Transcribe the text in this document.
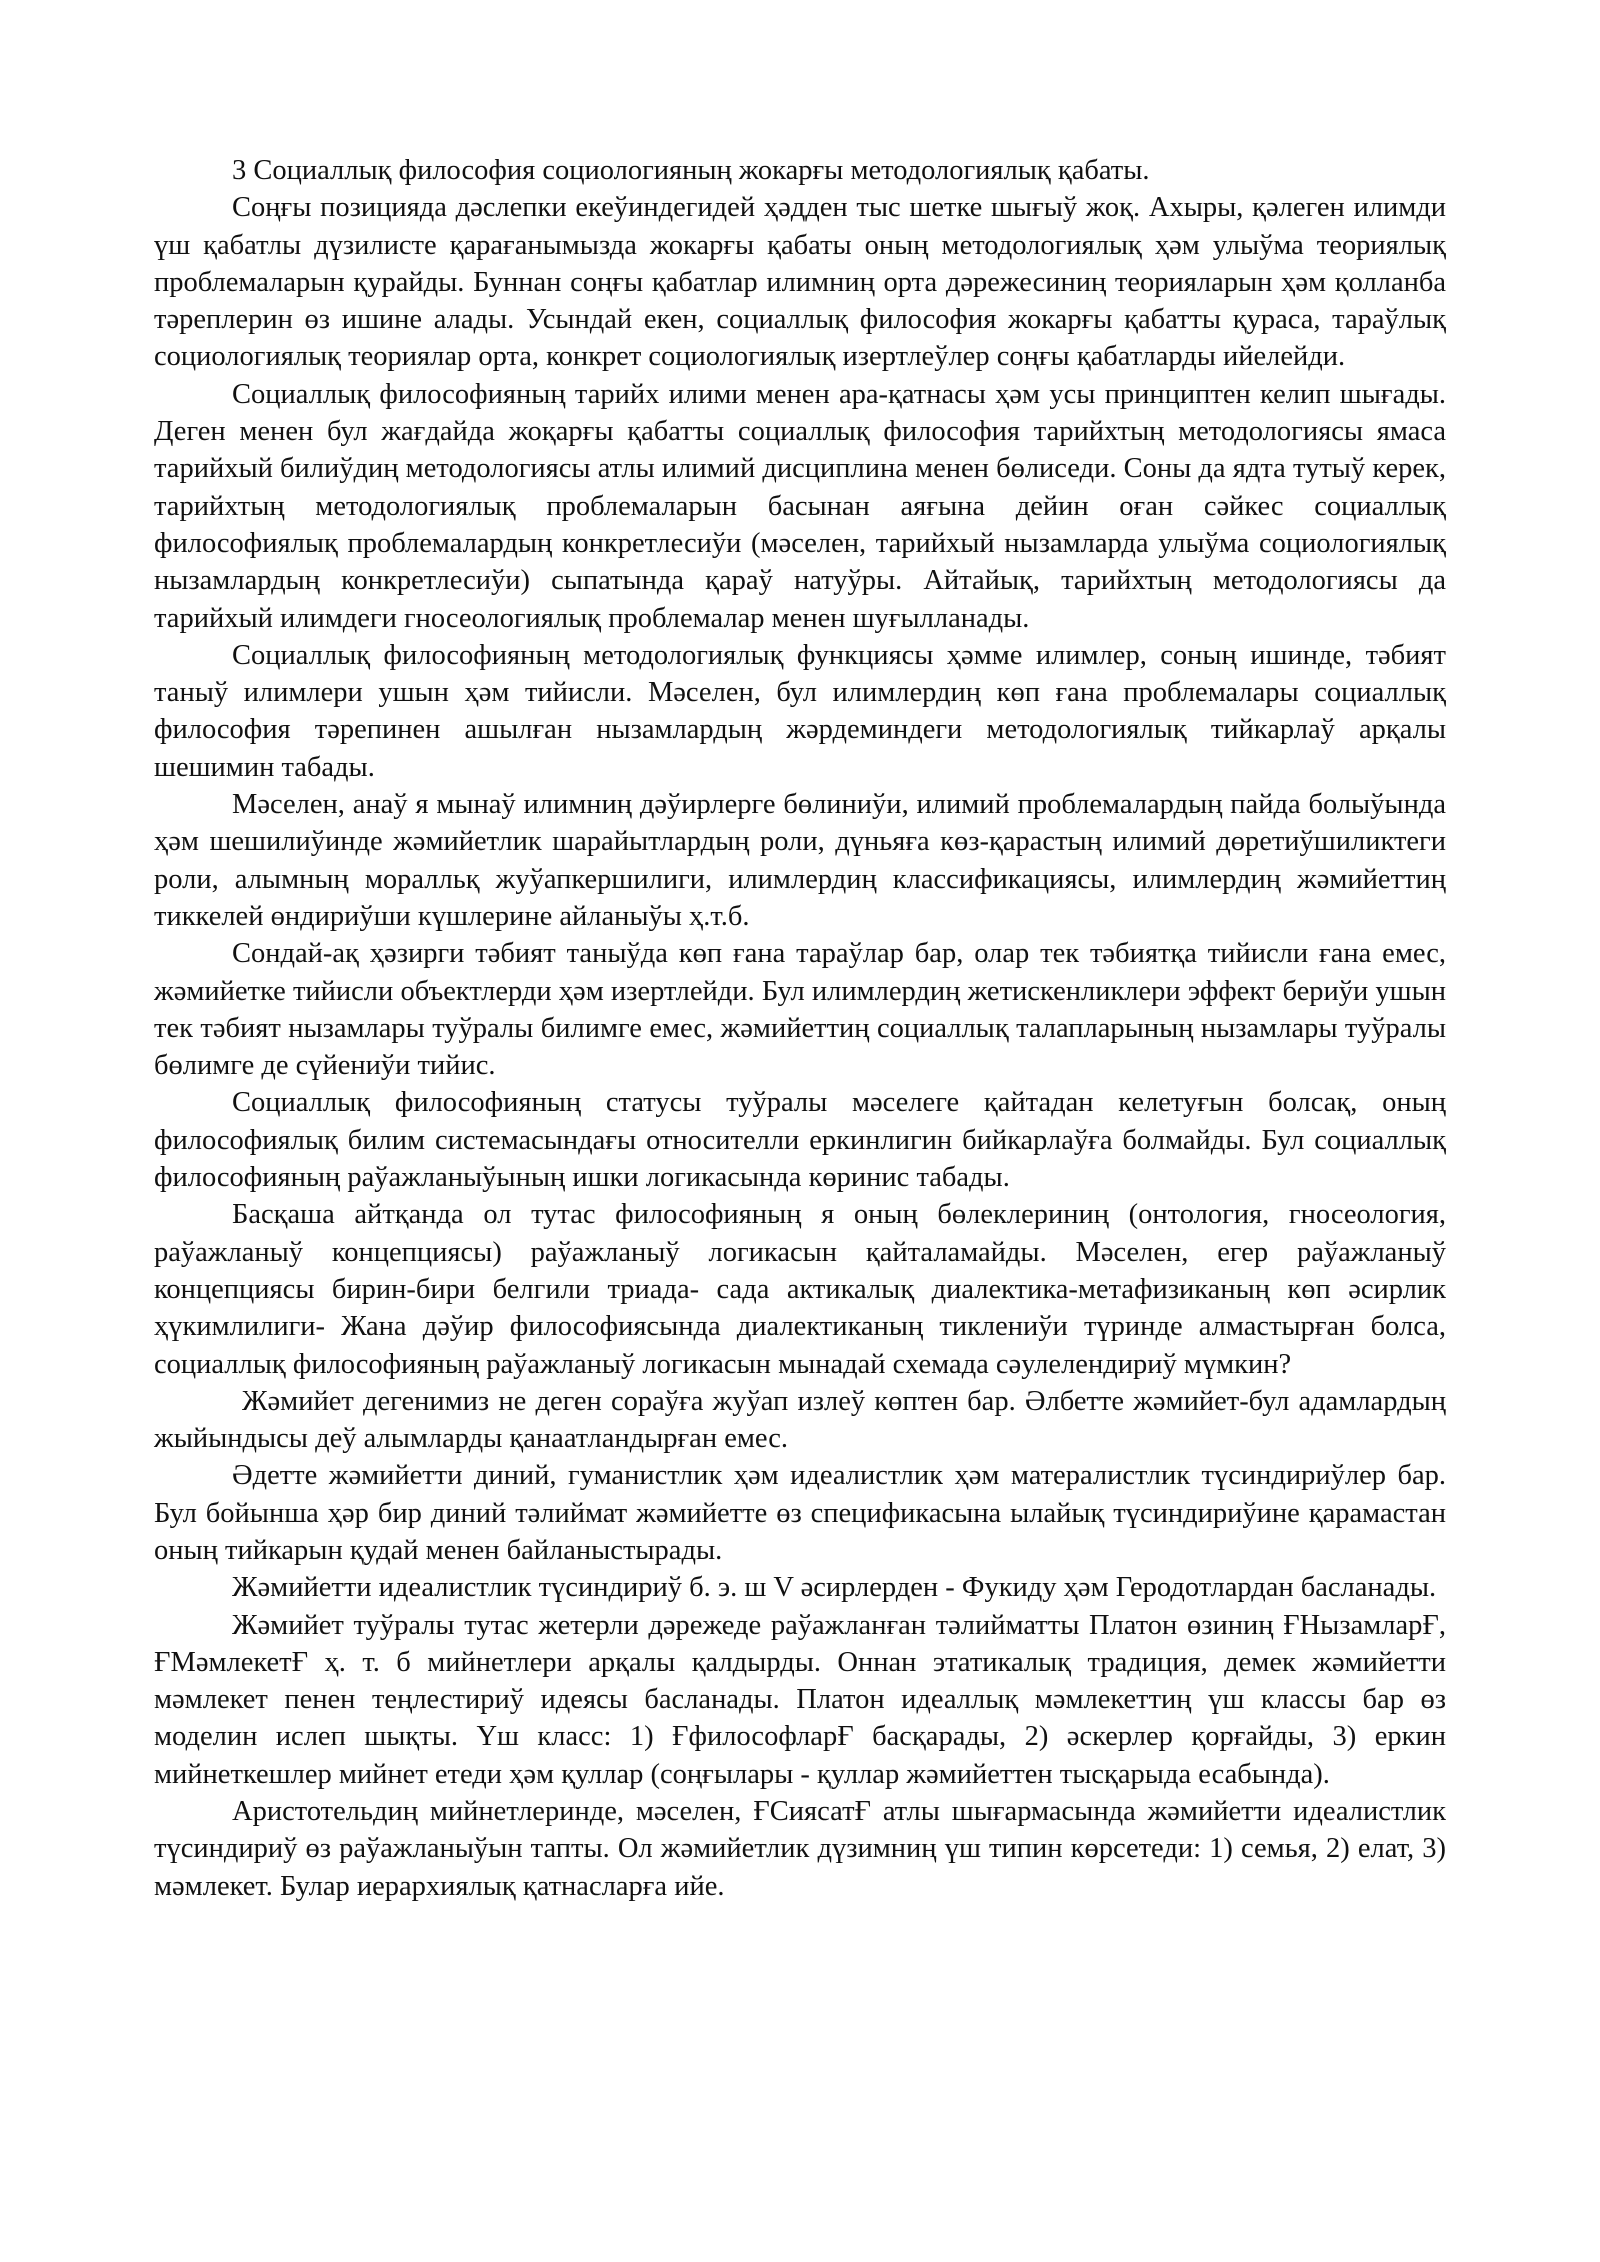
3 Социаллық философия социологияның жокарғы методологиялық қабаты.

Соңғы позицияда дәслепки екеўиндегидей ҳәдден тыс шетке шығыў жоқ. Ахыры, қәлеген илимди үш қабатлы дүзилисте қарағанымызда жокарғы қабаты оның методологиялық ҳәм улыўма теориялық проблемаларын қурайды. Буннан соңғы қабатлар илимниң орта дәрежесиниң теорияларын ҳәм қолланба тәреплерин өз ишине алады. Усындай екен, социаллық философия жокарғы қабатты қураса, тараўлық социологиялық теориялар орта, конкрет социологиялық изертлеўлер соңғы қабатларды ийелейди.

Социаллық философияның тарийх илими менен ара-қатнасы ҳәм усы принциптен келип шығады. Деген менен бул жағдайда жоқарғы қабатты социаллық философия тарийхтың методологиясы ямаса тарийхый билиўдиң методологиясы атлы илимий дисциплина менен бөлиседи. Соны да ядта тутыў керек, тарийхтың методологиялық проблемаларын басынан аяғына дейин оған сәйкес социаллық философиялық проблемалардың конкретлесиўи (мәселен, тарийхый нызамларда улыўма социологиялық нызамлардың конкретлесиўи) сыпатында қараў натуўры. Айтайық, тарийхтың методологиясы да тарийхый илимдеги гносеологиялық проблемалар менен шуғылланады.

Социаллық философияның методологиялық функциясы ҳәмме илимлер, соның ишинде, тәбият таныў илимлери ушын ҳәм тийисли. Мәселен, бул илимлердиң көп ғана проблемалары социаллық философия тәрепинен ашылған нызамлардың жәрдеминдеги методологиялық тийкарлаў арқалы шешимин табады.

Мәселен, анаў я мынаў илимниң дәўирлерге бөлиниўи, илимий проблемалардың пайда болыўында ҳәм шешилиўинде жәмийетлик шарайытлардың роли, дүньяға көз-қарастың илимий дөретиўшиликтеги роли, алымның моралльқ жуўапкершилиги, илимлердиң классификациясы, илимлердиң жәмийеттиң тиккелей өндириўши күшлерине айланыўы ҳ.т.б.

Сондай-ақ ҳәзирги тәбият таныўда көп ғана тараўлар бар, олар тек тәбиятқа тийисли ғана емес, жәмийетке тийисли объектлерди ҳәм изертлейди. Бул илимлердиң жетискенликлери эффект бериўи ушын тек тәбият нызамлары туўралы билимге емес, жәмийеттиң социаллық талапларының нызамлары туўралы бөлимге де сүйениўи тийис.

Социаллық философияның статусы туўралы мәселеге қайтадан келетуғын болсақ, оның философиялық билим системасындағы относителли еркинлигин бийкарлаўға болмайды. Бул социаллық философияның раўажланыўының ишки логикасында көринис табады.

Басқаша айтқанда ол тутас философияның я оның бөлеклериниң (онтология, гносеология, раўажланыў концепциясы) раўажланыў логикасын қайталамайды. Мәселен, егер раўажланыў концепциясы бирин-бири белгили триада- сада актикалық диалектика-метафизиканың көп әсирлик ҳүкимлилиги- Жана дәўир философиясында диалектиканың тиклениўи түринде алмастырған болса, социаллық философияның раўажланыў логикасын мынадай схемада сәулелендириў мүмкин?

Жәмийет дегенимиз не деген сораўға жуўап излеў көптен бар. Әлбетте жәмийет-бул адамлардың жыйындысы деў алымларды қанаатландырған емес.

Әдетте жәмийетти диний, гуманистлик ҳәм идеалистлик ҳәм матералистлик түсиндириўлер бар. Бул бойынша ҳәр бир диний тәлиймат жәмийетте өз спецификасына ылайық түсиндириўине қарамастан оның тийкарын қудай менен байланыстырады.

Жәмийетти идеалистлик түсиндириў б. э. ш V әсирлерден - Фукиду ҳәм Геродотлардан басланады.

Жәмийет туўралы тутас жетерли дәрежеде раўажланған тәлийматты Платон өзиниң ҒНызамларҒ, ҒМәмлекетҒ ҳ. т. б мийнетлери арқалы қалдырды. Оннан этатикалық традиция, демек жәмийетти мәмлекет пенен теңлестириў идеясы басланады. Платон идеаллық мәмлекеттиң үш классы бар өз моделин ислеп шықты. Үш класс: 1) ҒфилософларҒ басқарады, 2) әскерлер қорғайды, 3) еркин мийнеткешлер мийнет етеди ҳәм қуллар (соңғылары - қуллар жәмийеттен тысқарыда есабында).

Аристотельдиң мийнетлеринде, мәселен, ҒСиясатҒ атлы шығармасында жәмийетти идеалистлик түсиндириў өз раўажланыўын тапты. Ол жәмийетлик дүзимниң үш типин көрсетеди: 1) семья, 2) елат, 3) мәмлекет. Булар иерархиялық қатнасларға ийе.
